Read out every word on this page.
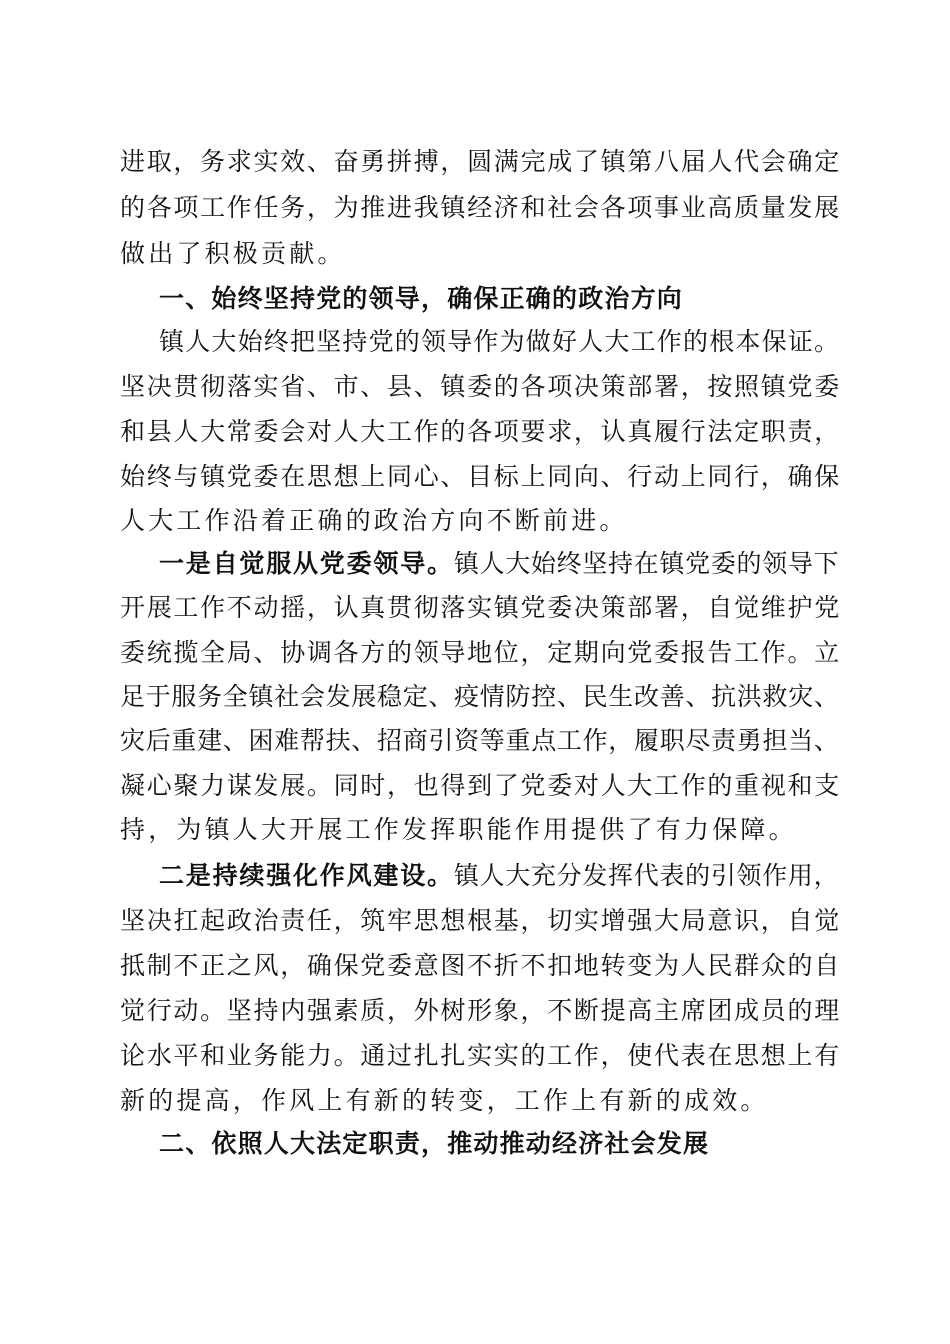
进取，务求实效、奋勇拼搏，圆满完成了镇第八届人代会确定
的各项工作任务，为推进我镇经济和社会各项事业高质量发展
做出了积极贡献。
一、始终坚持党的领导，确保正确的政治方向
镇人大始终把坚持党的领导作为做好人大工作的根本保证。
坚决贯彻落实省、市、县、镇委的各项决策部署，按照镇党委
和县人大常委会对人大工作的各项要求，认真履行法定职责，
始终与镇党委在思想上同心、目标上同向、行动上同行，确保
人大工作沿着正确的政治方向不断前进。
一是自觉服从党委领导。镇人大始终坚持在镇党委的领导下
开展工作不动摇，认真贯彻落实镇党委决策部署，自觉维护党
委统揽全局、协调各方的领导地位，定期向党委报告工作。立
足于服务全镇社会发展稳定、疫情防控、民生改善、抗洪救灾、
灾后重建、困难帮扶、招商引资等重点工作，履职尽责勇担当、
凝心聚力谋发展。同时，也得到了党委对人大工作的重视和支
持，为镇人大开展工作发挥职能作用提供了有力保障。
二是持续强化作风建设。镇人大充分发挥代表的引领作用，
坚决扛起政治责任，筑牢思想根基，切实增强大局意识，自觉
抵制不正之风，确保党委意图不折不扣地转变为人民群众的自
觉行动。坚持内强素质，外树形象，不断提高主席团成员的理
论水平和业务能力。通过扎扎实实的工作，使代表在思想上有
新的提高，作风上有新的转变，工作上有新的成效。
二、依照人大法定职责，推动推动经济社会发展
